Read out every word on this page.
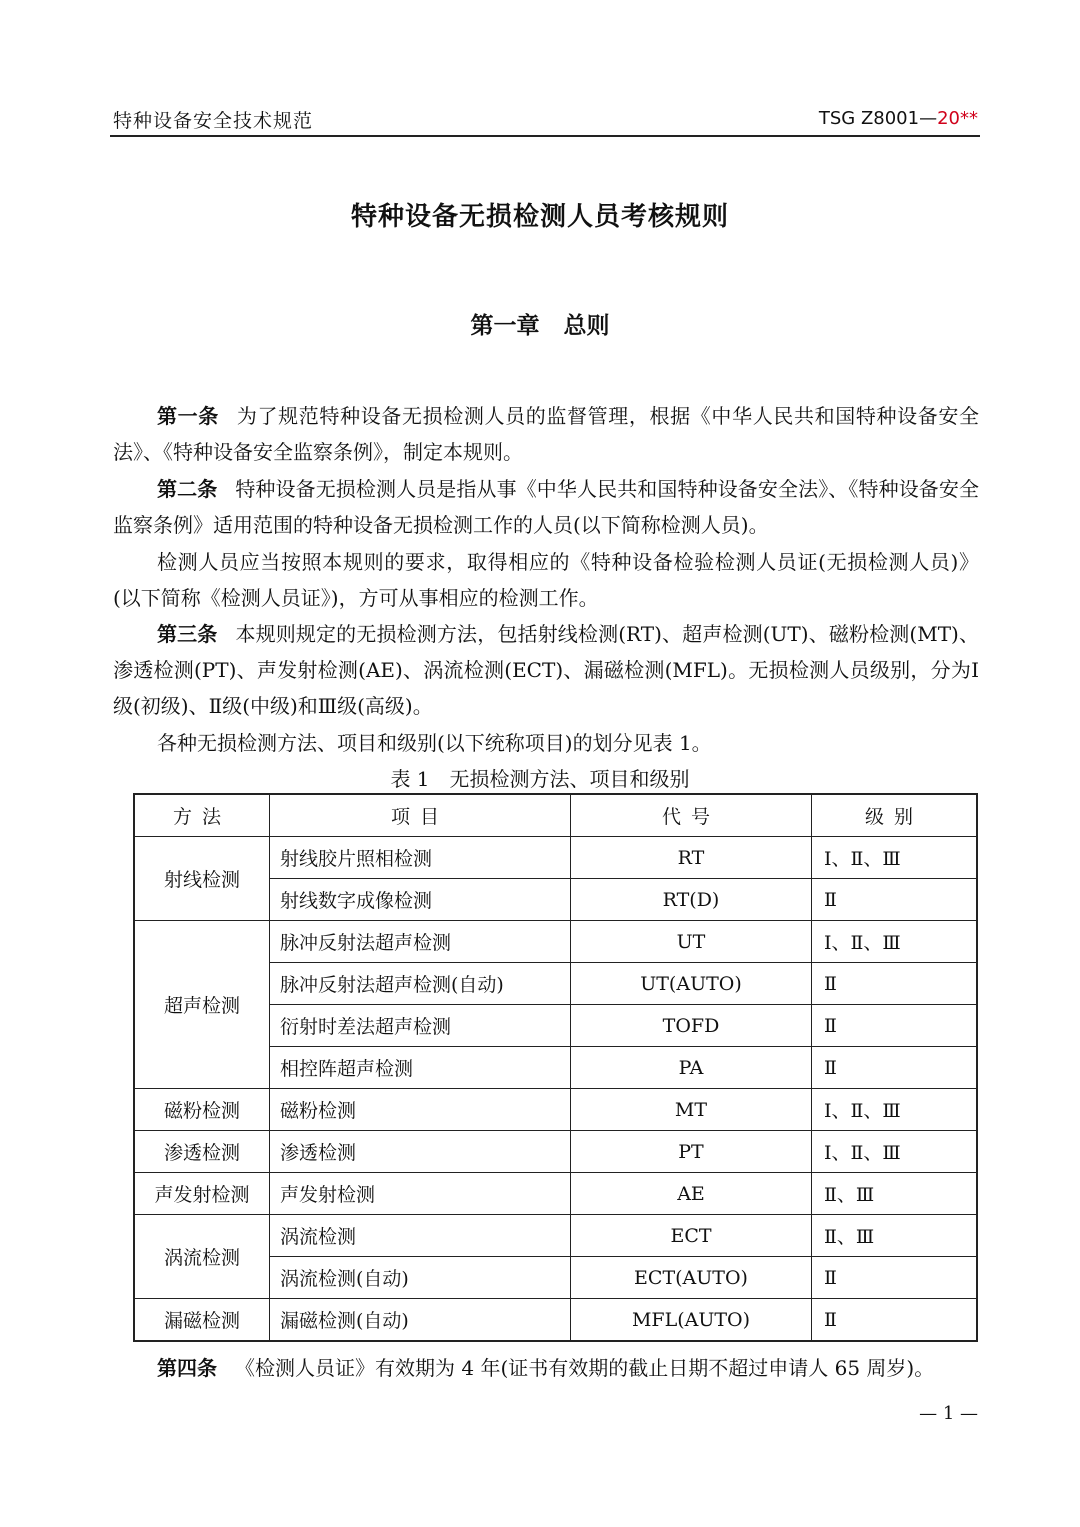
特种设备安全技术规范	TSG Z8001—20**
特种设备无损检测人员考核规则
第一章 总则

第一条 为了规范特种设备无损检测人员的监督管理，根据《中华人民共和国特种设备安全法》、《特种设备安全监察条例》，制定本规则。

第二条 特种设备无损检测人员是指从事《中华人民共和国特种设备安全法》、《特种设备安全监察条例》适用范围的特种设备无损检测工作的人员(以下简称检测人员)。

检测人员应当按照本规则的要求，取得相应的《特种设备检验检测人员证(无损检测人员)》(以下简称《检测人员证》)，方可从事相应的检测工作。

第三条 本规则规定的无损检测方法，包括射线检测(RT)、超声检测(UT)、磁粉检测(MT)、渗透检测(PT)、声发射检测(AE)、涡流检测(ECT)、漏磁检测(MFL)。无损检测人员级别，分为Ⅰ级(初级)、Ⅱ级(中级)和Ⅲ级(高级)。

各种无损检测方法、项目和级别(以下统称项目)的划分见表 1。

表 1 无损检测方法、项目和级别
方法	项目	代号	级别
射线检测	射线胶片照相检测	RT	Ⅰ、Ⅱ、Ⅲ
	射线数字成像检测	RT(D)	Ⅱ
超声检测	脉冲反射法超声检测	UT	Ⅰ、Ⅱ、Ⅲ
	脉冲反射法超声检测(自动)	UT(AUTO)	Ⅱ
	衍射时差法超声检测	TOFD	Ⅱ
	相控阵超声检测	PA	Ⅱ
磁粉检测	磁粉检测	MT	Ⅰ、Ⅱ、Ⅲ
渗透检测	渗透检测	PT	Ⅰ、Ⅱ、Ⅲ
声发射检测	声发射检测	AE	Ⅱ、Ⅲ
涡流检测	涡流检测	ECT	Ⅱ、Ⅲ
	涡流检测(自动)	ECT(AUTO)	Ⅱ
漏磁检测	漏磁检测(自动)	MFL(AUTO)	Ⅱ

第四条 《检测人员证》有效期为 4 年(证书有效期的截止日期不超过申请人 65 周岁)。

— 1 —
